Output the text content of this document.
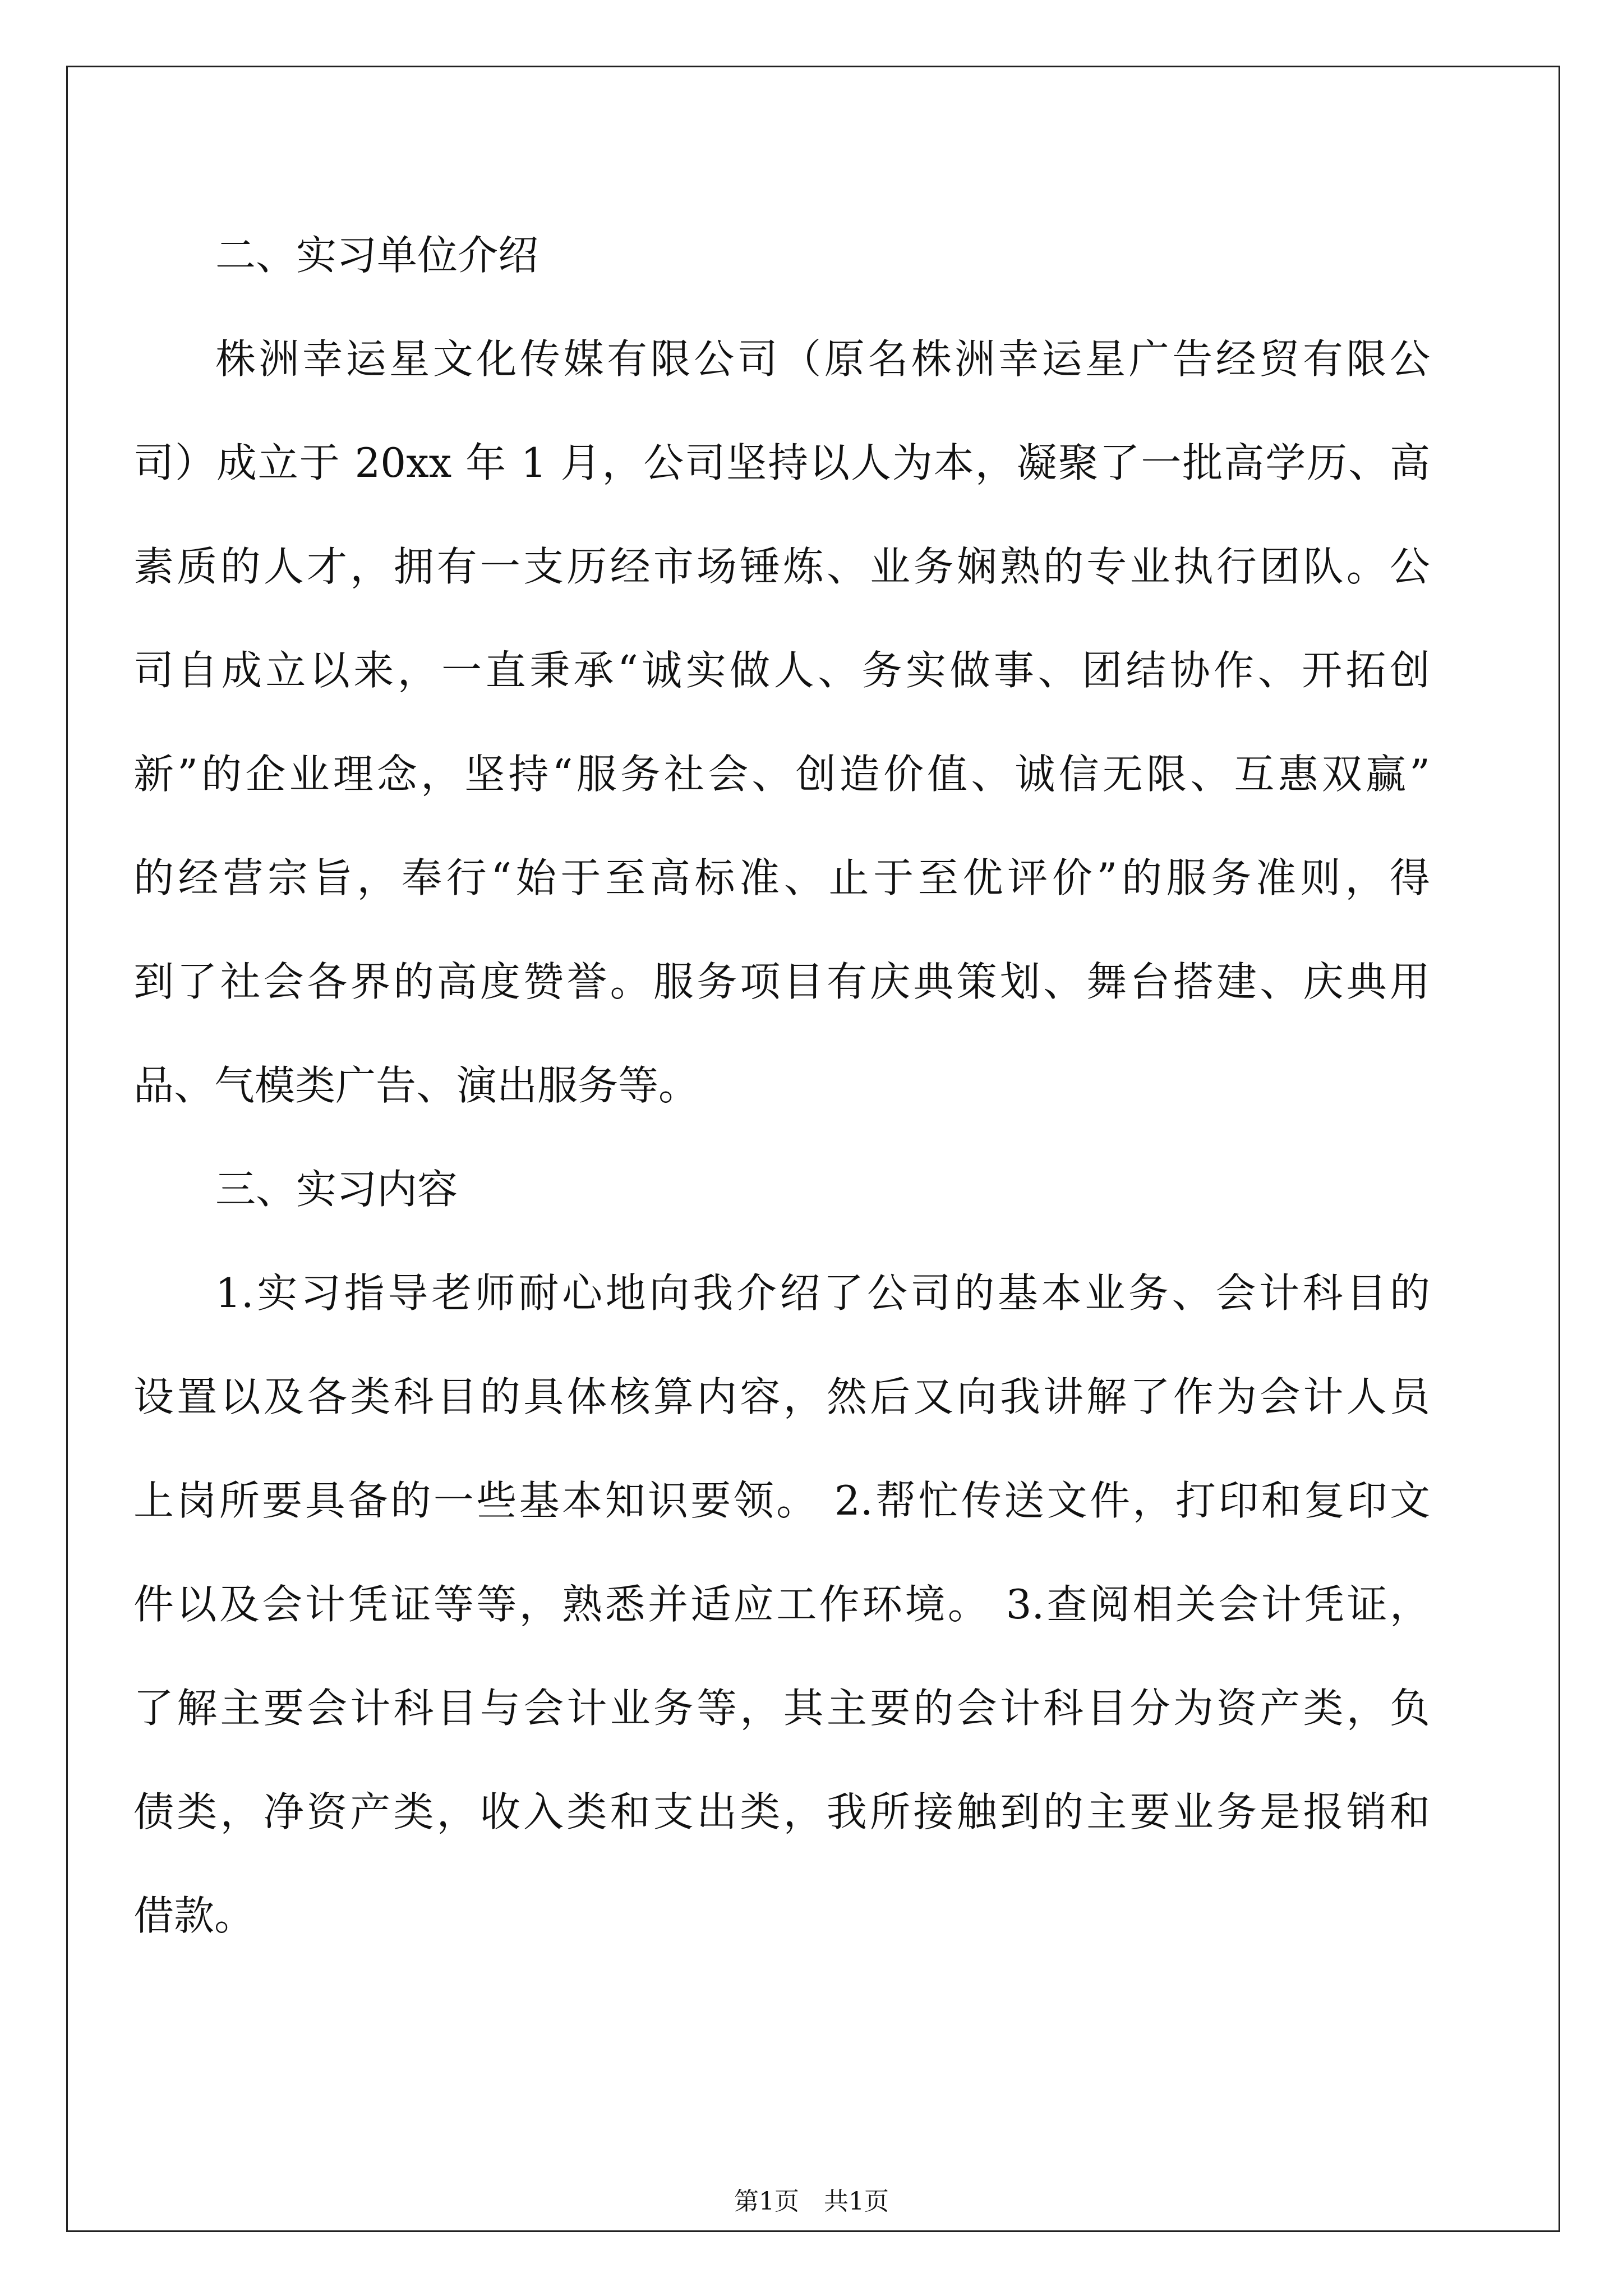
二、实习单位介绍
株洲幸运星文化传媒有限公司（原名株洲幸运星广告经贸有限公
司）成立于 20xx 年 1 月，公司坚持以人为本，凝聚了一批高学历、高
素质的人才，拥有一支历经市场锤炼、业务娴熟的专业执行团队。公
司自成立以来，一直秉承“诚实做人、务实做事、团结协作、开拓创
新”的企业理念，坚持“服务社会、创造价值、诚信无限、互惠双赢”
的经营宗旨，奉行“始于至高标准、止于至优评价”的服务准则，得
到了社会各界的高度赞誉。服务项目有庆典策划、舞台搭建、庆典用
品、气模类广告、演出服务等。
三、实习内容
1.实习指导老师耐心地向我介绍了公司的基本业务、会计科目的
设置以及各类科目的具体核算内容，然后又向我讲解了作为会计人员
上岗所要具备的一些基本知识要领。 2.帮忙传送文件，打印和复印文
件以及会计凭证等等，熟悉并适应工作环境。 3.查阅相关会计凭证，
了解主要会计科目与会计业务等，其主要的会计科目分为资产类，负
债类，净资产类，收入类和支出类，我所接触到的主要业务是报销和
借款。
第1页　共1页
